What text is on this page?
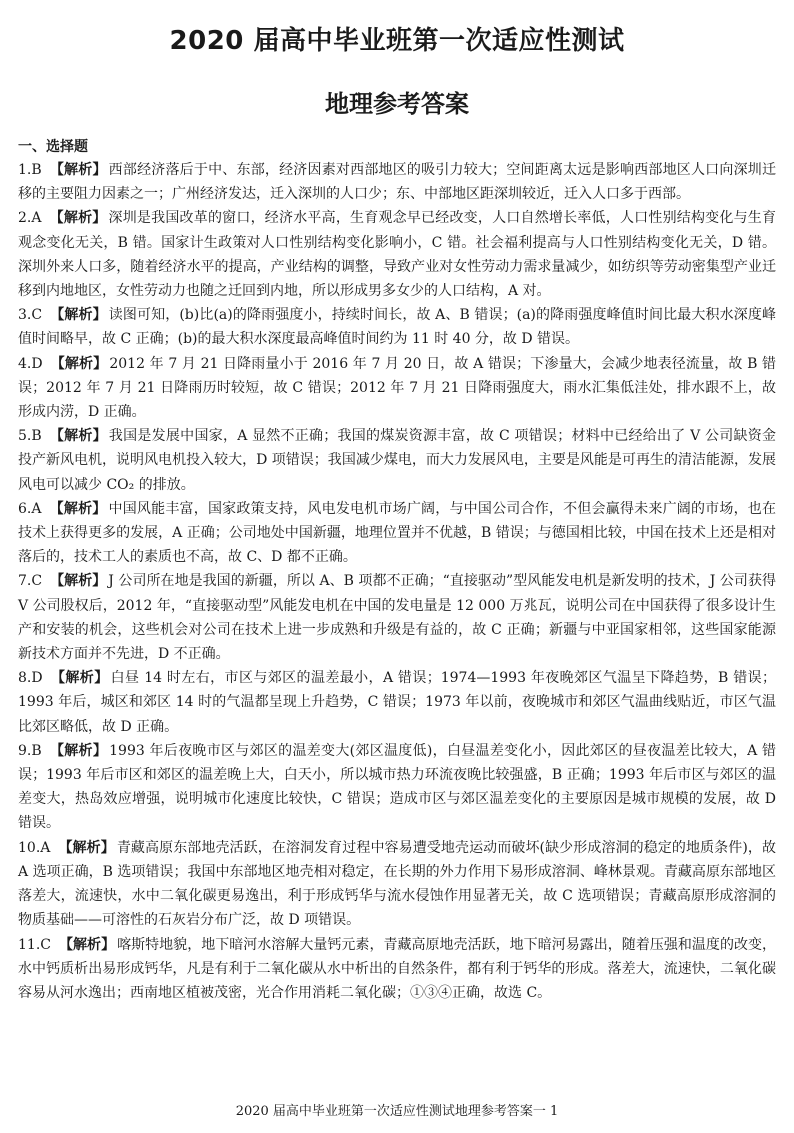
2020 届高中毕业班第一次适应性测试
地理参考答案
一、选择题

1.B 【解析】 西部经济落后于中、东部，经济因素对西部地区的吸引力较大；空间距离太远是影响西部地区人口向深圳迁移的主要阻力因素之一；广州经济发达，迁入深圳的人口少；东、中部地区距深圳较近，迁入人口多于西部。

2.A 【解析】 深圳是我国改革的窗口，经济水平高，生育观念早已经改变，人口自然增长率低，人口性别结构变化与生育观念变化无关，B 错。国家计生政策对人口性别结构变化影响小，C 错。社会福利提高与人口性别结构变化无关，D 错。深圳外来人口多，随着经济水平的提高，产业结构的调整，导致产业对女性劳动力需求量减少，如纺织等劳动密集型产业迁移到内地地区，女性劳动力也随之迁回到内地，所以形成男多女少的人口结构，A 对。

3.C 【解析】 读图可知，(b)比(a)的降雨强度小，持续时间长，故 A、B 错误；(a)的降雨强度峰值时间比最大积水深度峰值时间略早，故 C 正确；(b)的最大积水深度最高峰值时间约为 11 时 40 分，故 D 错误。

4.D 【解析】 2012 年 7 月 21 日降雨量小于 2016 年 7 月 20 日，故 A 错误；下渗量大，会减少地表径流量，故 B 错误；2012 年 7 月 21 日降雨历时较短，故 C 错误；2012 年 7 月 21 日降雨强度大，雨水汇集低洼处，排水跟不上，故形成内涝，D 正确。

5.B 【解析】 我国是发展中国家，A 显然不正确；我国的煤炭资源丰富，故 C 项错误；材料中已经给出了 V 公司缺资金投产新风电机，说明风电机投入较大，D 项错误；我国减少煤电，而大力发展风电，主要是风能是可再生的清洁能源，发展风电可以减少 CO₂ 的排放。

6.A 【解析】 中国风能丰富，国家政策支持，风电发电机市场广阔，与中国公司合作，不但会赢得未来广阔的市场，也在技术上获得更多的发展，A 正确；公司地处中国新疆，地理位置并不优越，B 错误；与德国相比较，中国在技术上还是相对落后的，技术工人的素质也不高，故 C、D 都不正确。

7.C 【解析】 J 公司所在地是我国的新疆，所以 A、B 项都不正确；“直接驱动”型风能发电机是新发明的技术，J 公司获得 V 公司股权后，2012 年，“直接驱动型”风能发电机在中国的发电量是 12 000 万兆瓦，说明公司在中国获得了很多设计生产和安装的机会，这些机会对公司在技术上进一步成熟和升级是有益的，故 C 正确；新疆与中亚国家相邻，这些国家能源新技术方面并不先进，D 不正确。

8.D 【解析】 白昼 14 时左右，市区与郊区的温差最小，A 错误；1974—1993 年夜晚郊区气温呈下降趋势，B 错误；1993 年后，城区和郊区 14 时的气温都呈现上升趋势，C 错误；1973 年以前，夜晚城市和郊区气温曲线贴近，市区气温比郊区略低，故 D 正确。

9.B 【解析】 1993 年后夜晚市区与郊区的温差变大(郊区温度低)，白昼温差变化小，因此郊区的昼夜温差比较大，A 错误；1993 年后市区和郊区的温差晚上大，白天小，所以城市热力环流夜晚比较强盛，B 正确；1993 年后市区与郊区的温差变大，热岛效应增强，说明城市化速度比较快，C 错误；造成市区与郊区温差变化的主要原因是城市规模的发展，故 D 错误。

10.A 【解析】 青藏高原东部地壳活跃，在溶洞发育过程中容易遭受地壳运动而破坏(缺少形成溶洞的稳定的地质条件)，故 A 选项正确，B 选项错误；我国中东部地区地壳相对稳定，在长期的外力作用下易形成溶洞、峰林景观。青藏高原东部地区落差大，流速快，水中二氧化碳更易逸出，利于形成钙华与流水侵蚀作用显著无关，故 C 选项错误；青藏高原形成溶洞的物质基础——可溶性的石灰岩分布广泛，故 D 项错误。

11.C 【解析】 喀斯特地貌，地下暗河水溶解大量钙元素，青藏高原地壳活跃，地下暗河易露出，随着压强和温度的改变，水中钙质析出易形成钙华，凡是有利于二氧化碳从水中析出的自然条件，都有利于钙华的形成。落差大，流速快，二氧化碳容易从河水逸出；西南地区植被茂密，光合作用消耗二氧化碳；①③④正确，故选 C。

2020 届高中毕业班第一次适应性测试地理参考答案一 1
